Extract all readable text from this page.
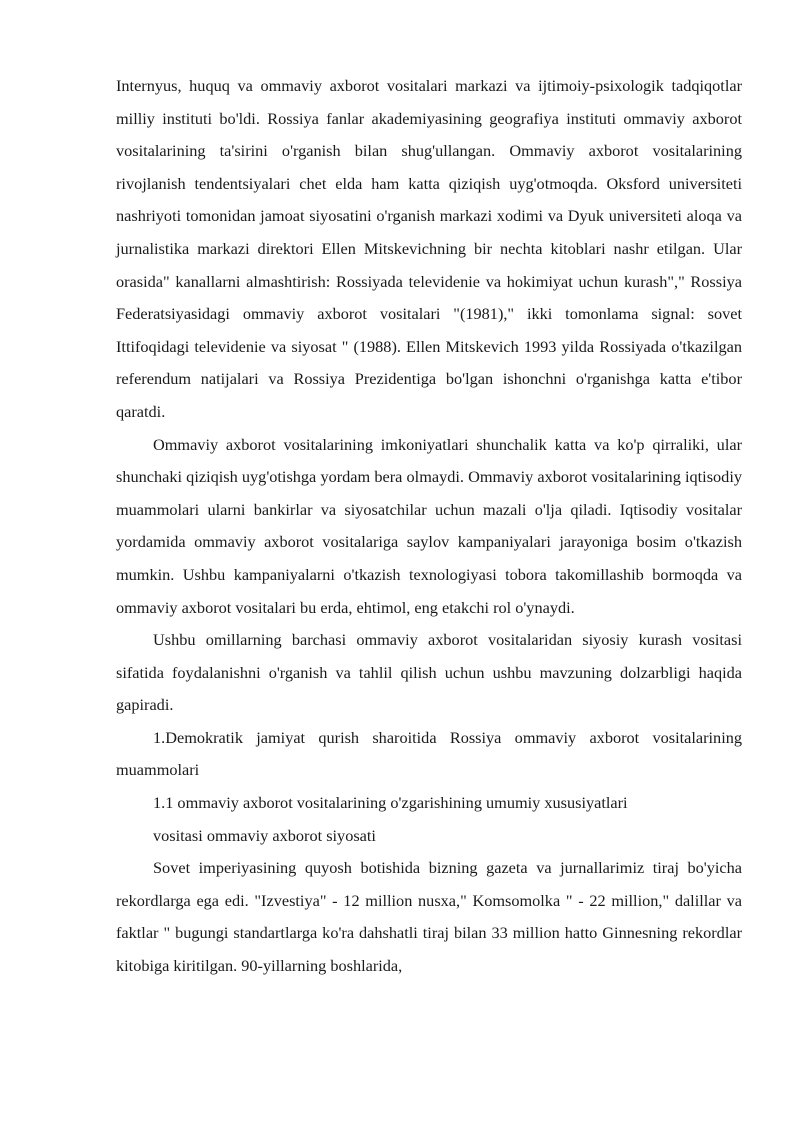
Internyus, huquq va ommaviy axborot vositalari markazi va ijtimoiy-psixologik tadqiqotlar milliy instituti bo'ldi. Rossiya fanlar akademiyasining geografiya instituti ommaviy axborot vositalarining ta'sirini o'rganish bilan shug'ullangan. Ommaviy axborot vositalarining rivojlanish tendentsiyalari chet elda ham katta qiziqish uyg'otmoqda. Oksford universiteti nashriyoti tomonidan jamoat siyosatini o'rganish markazi xodimi va Dyuk universiteti aloqa va jurnalistika markazi direktori Ellen Mitskevichning bir nechta kitoblari nashr etilgan. Ular orasida" kanallarni almashtirish: Rossiyada televidenie va hokimiyat uchun kurash"," Rossiya Federatsiyasidagi ommaviy axborot vositalari "(1981)," ikki tomonlama signal: sovet Ittifoqidagi televidenie va siyosat " (1988). Ellen Mitskevich 1993 yilda Rossiyada o'tkazilgan referendum natijalari va Rossiya Prezidentiga bo'lgan ishonchni o'rganishga katta e'tibor qaratdi.

Ommaviy axborot vositalarining imkoniyatlari shunchalik katta va ko'p qirraliki, ular shunchaki qiziqish uyg'otishga yordam bera olmaydi. Ommaviy axborot vositalarining iqtisodiy muammolari ularni bankirlar va siyosatchilar uchun mazali o'lja qiladi. Iqtisodiy vositalar yordamida ommaviy axborot vositalariga saylov kampaniyalari jarayoniga bosim o'tkazish mumkin. Ushbu kampaniyalarni o'tkazish texnologiyasi tobora takomillashib bormoqda va ommaviy axborot vositalari bu erda, ehtimol, eng etakchi rol o'ynaydi.

Ushbu omillarning barchasi ommaviy axborot vositalaridan siyosiy kurash vositasi sifatida foydalanishni o'rganish va tahlil qilish uchun ushbu mavzuning dolzarbligi haqida gapiradi.

1.Demokratik jamiyat qurish sharoitida Rossiya ommaviy axborot vositalarining muammolari

1.1 ommaviy axborot vositalarining o'zgarishining umumiy xususiyatlari

vositasi ommaviy axborot siyosati

Sovet imperiyasining quyosh botishida bizning gazeta va jurnallarimiz tiraj bo'yicha rekordlarga ega edi. "Izvestiya" - 12 million nusxa," Komsomolka " - 22 million," dalillar va faktlar " bugungi standartlarga ko'ra dahshatli tiraj bilan 33 million hatto Ginnesning rekordlar kitobiga kiritilgan. 90-yillarning boshlarida,
